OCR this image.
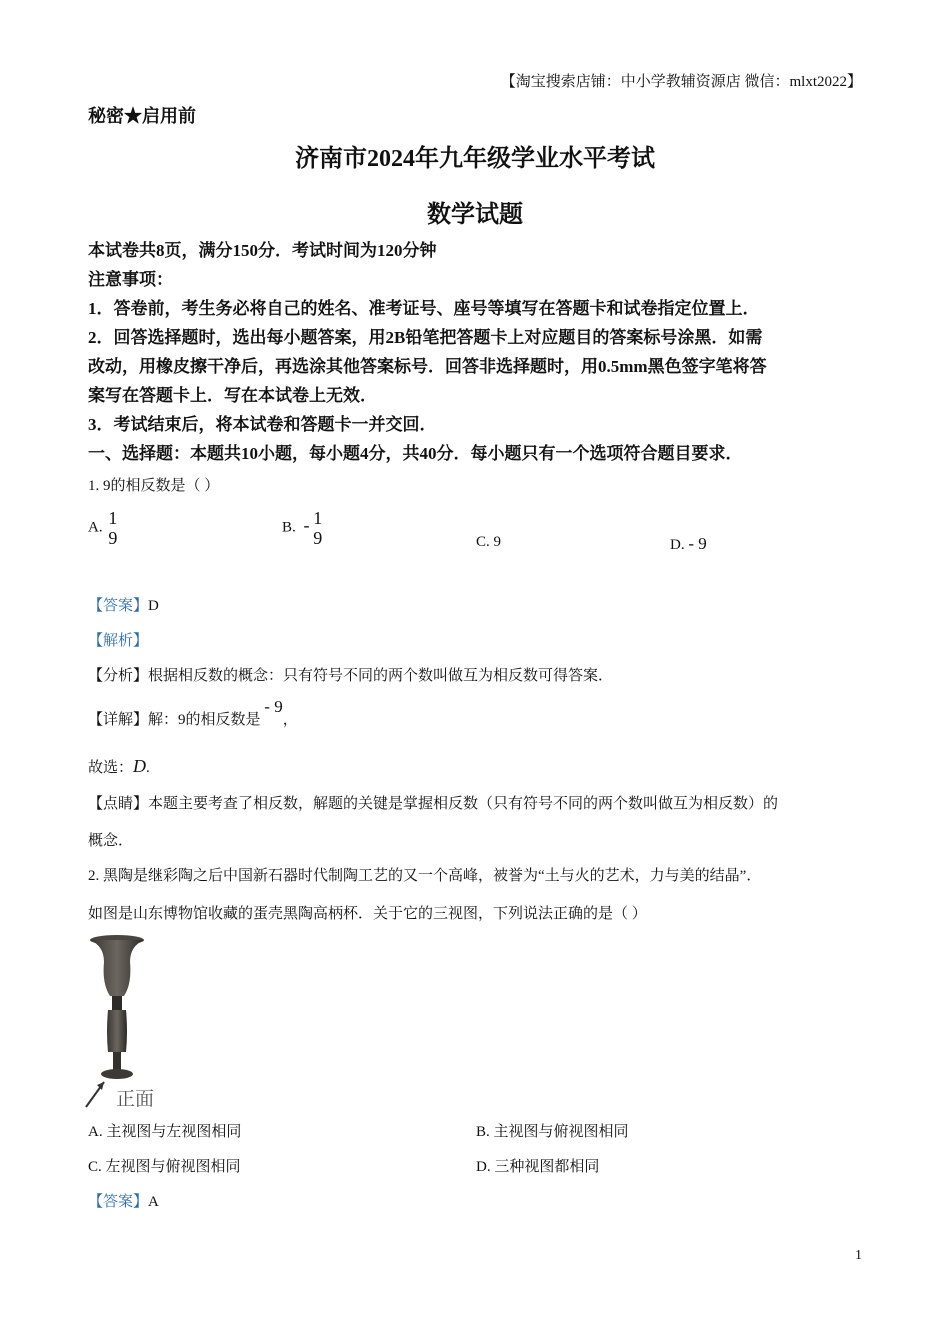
【淘宝搜索店铺：中小学教辅资源店 微信：mlxt2022】
秘密★启用前
济南市2024年九年级学业水平考试
数学试题
本试卷共8页，满分150分．考试时间为120分钟
注意事项：
1．答卷前，考生务必将自己的姓名、准考证号、座号等填写在答题卡和试卷指定位置上．
2．回答选择题时，选出每小题答案，用2B铅笔把答题卡上对应题目的答案标号涂黑．如需
改动，用橡皮擦干净后，再选涂其他答案标号．回答非选择题时，用0.5mm黑色签字笔将答
案写在答题卡上．写在本试卷上无效．
3．考试结束后，将本试卷和答题卡一并交回．
一、选择题：本题共10小题，每小题4分，共40分．每小题只有一个选项符合题目要求．
1. 9的相反数是（ ）
A. 1
9
B. - 1
9	C. 9	D. - 9
【答案】D
【解析】
【分析】根据相反数的概念：只有符号不同的两个数叫做互为相反数可得答案．
【详解】解：9的相反数是 - 9，
故选：D.
【点睛】本题主要考查了相反数，解题的关键是掌握相反数（只有符号不同的两个数叫做互为相反数）的
概念．
2. 黑陶是继彩陶之后中国新石器时代制陶工艺的又一个高峰，被誉为“土与火的艺术，力与美的结晶”．
如图是山东博物馆收藏的蛋壳黑陶高柄杯．关于它的三视图，下列说法正确的是（ ）
正面
A. 主视图与左视图相同	B. 主视图与俯视图相同
C. 左视图与俯视图相同	D. 三种视图都相同
【答案】A
1
